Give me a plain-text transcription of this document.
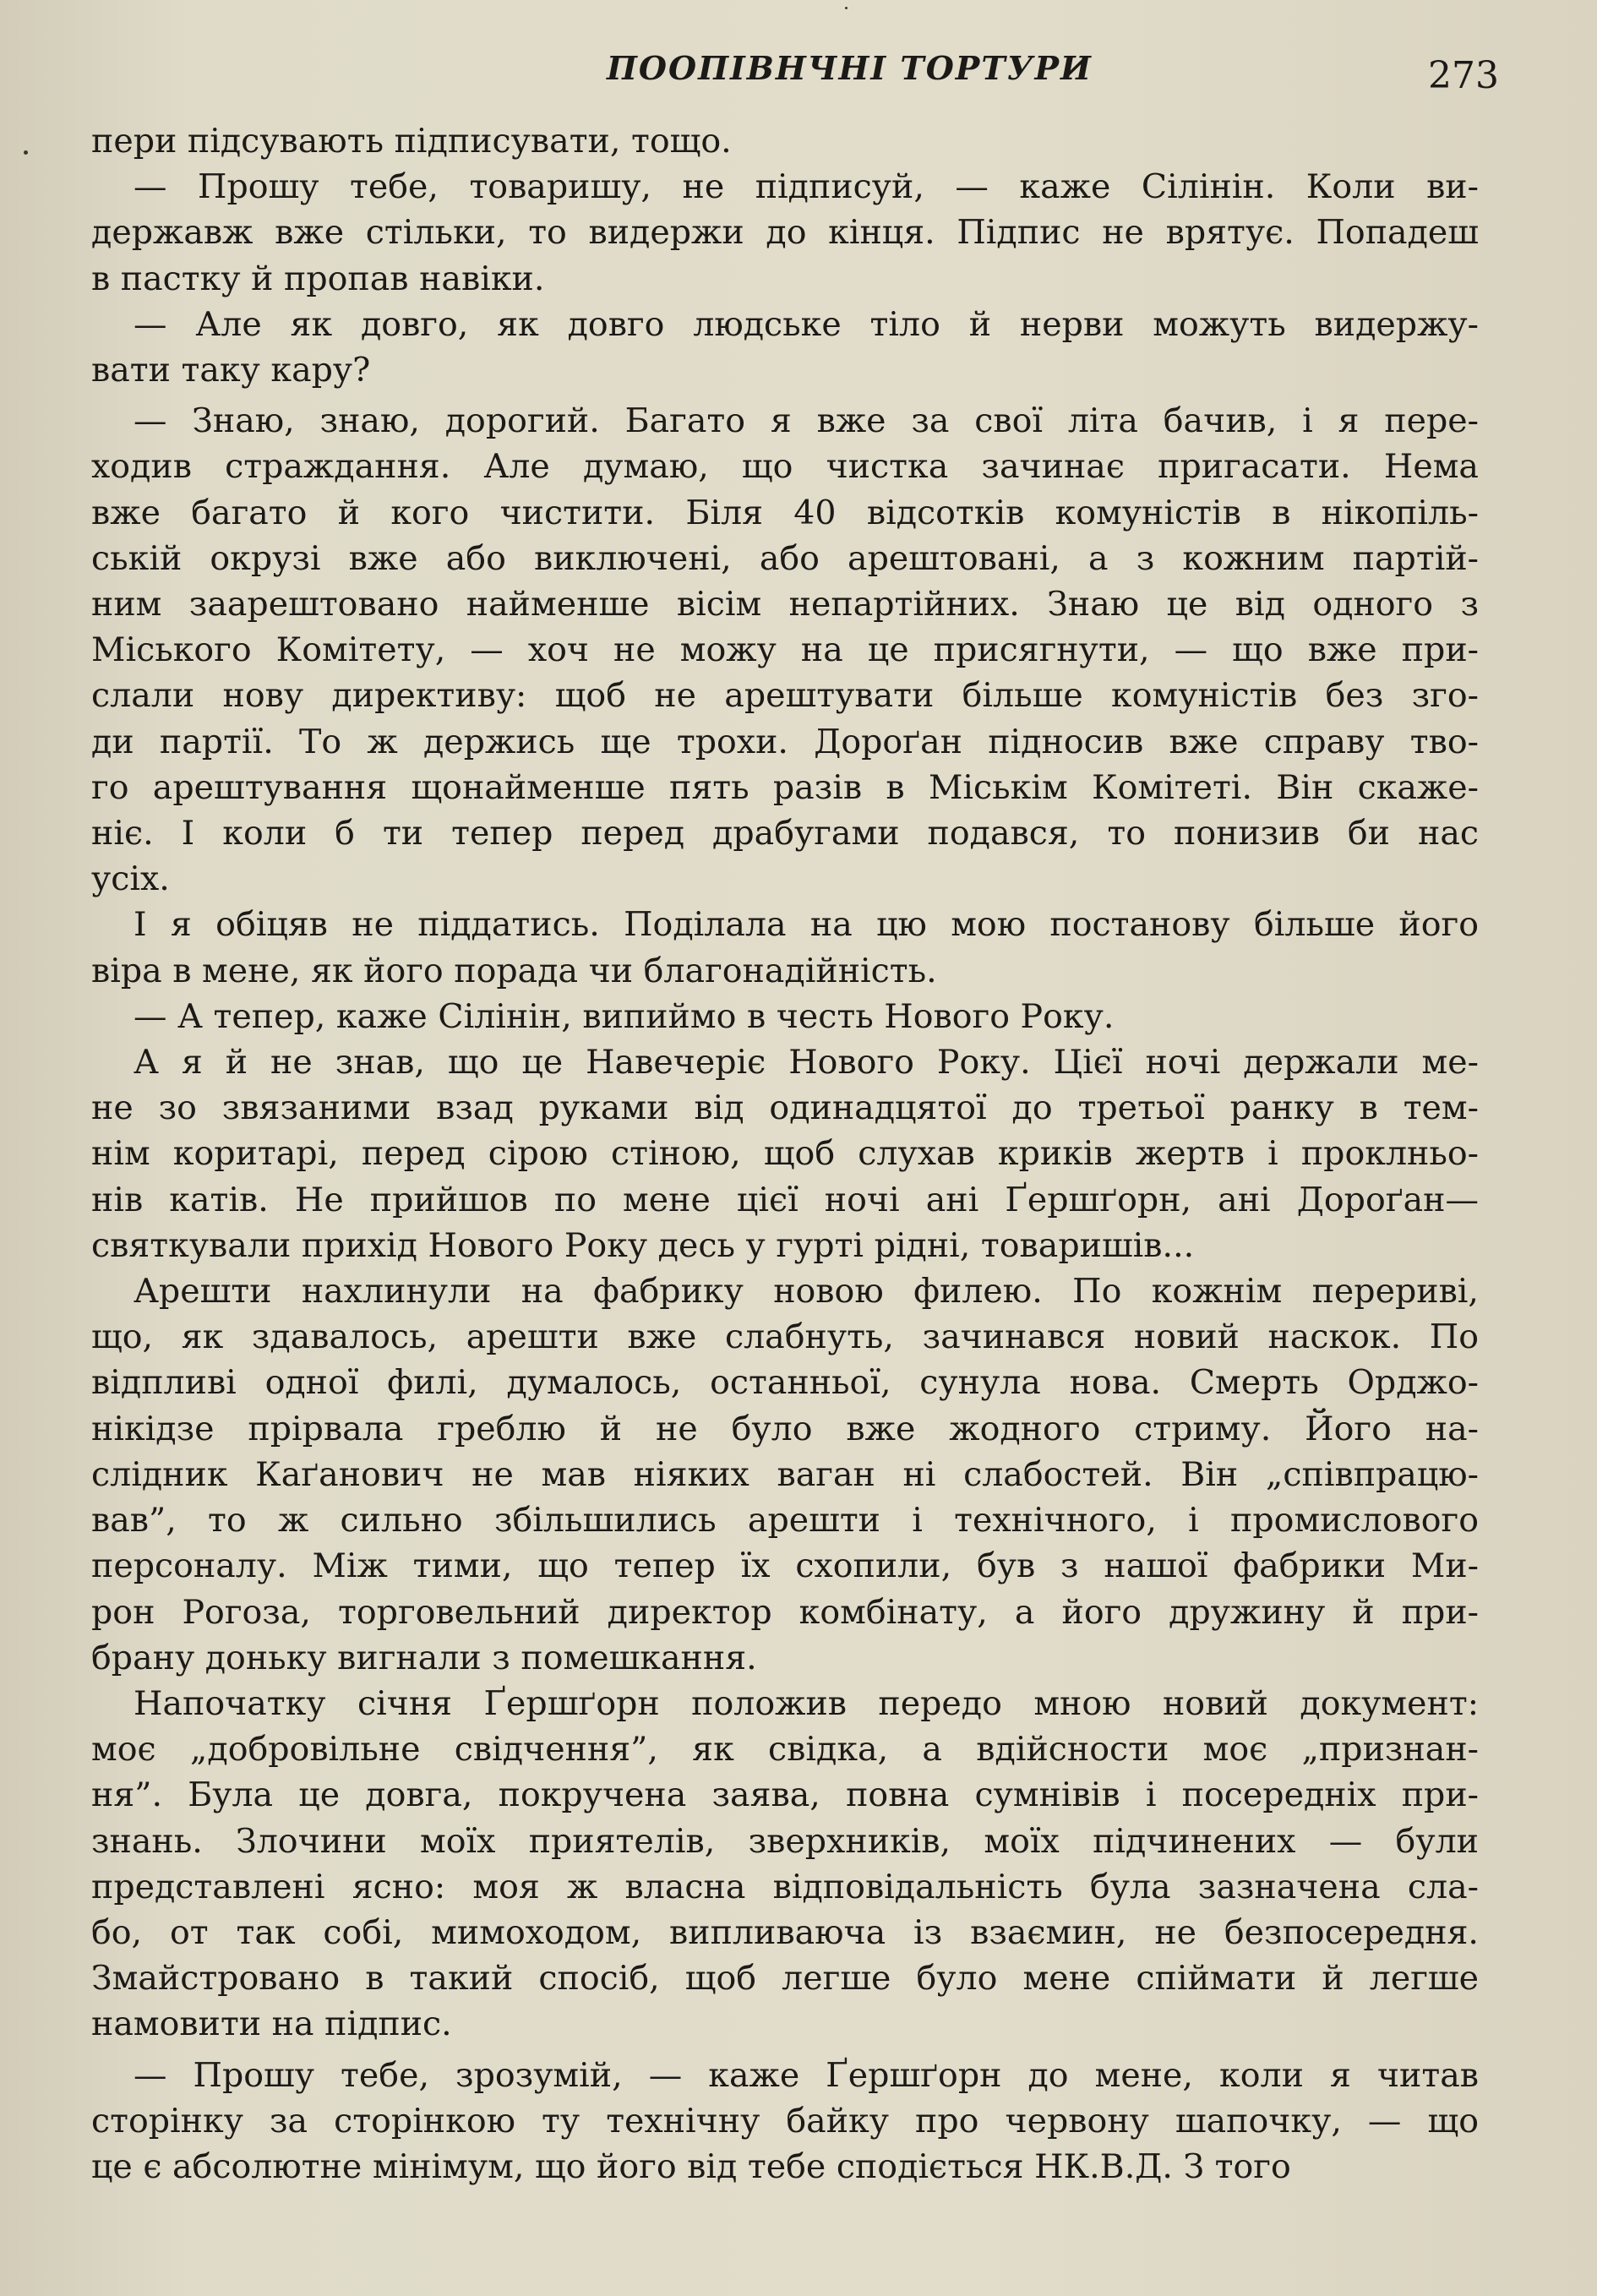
ПООПІВНЧНІ ТОРТУРИ	273
пери підсувають підписувати, тощо.
— Прошу тебе, товаришу, не підписуй, — каже Сілінін. Коли ви-
державж вже стільки, то видержи до кінця. Підпис не врятує. Попадеш
в пастку й пропав навіки.
— Але як довго, як довго людське тіло й нерви можуть видержу-
вати таку кару?
— Знаю, знаю, дорогий. Багато я вже за свої літа бачив, і я пере-
ходив страждання. Але думаю, що чистка зачинає пригасати. Нема
вже багато й кого чистити. Біля 40 відсотків комуністів в нікопіль-
ській окрузі вже або виключені, або арештовані, а з кожним партій-
ним заарештовано найменше вісім непартійних. Знаю це від одного з
Міського Комітету, — хоч не можу на це присягнути, — що вже при-
слали нову директиву: щоб не арештувати більше комуністів без зго-
ди партії. То ж держись ще трохи. Дороґан підносив вже справу тво-
го арештування щонайменше пять разів в Міськім Комітеті. Він скаже-
ніє. І коли б ти тепер перед драбугами подався, то понизив би нас
усіх.
І я обіцяв не піддатись. Поділала на цю мою постанову більше його
віра в мене, як його порада чи благонадійність.
— А тепер, каже Сілінін, випиймо в честь Нового Року.
А я й не знав, що це Навечеріє Нового Року. Цієї ночі держали ме-
не зо звязаними взад руками від одинадцятої до третьої ранку в тем-
нім коритарі, перед сірою стіною, щоб слухав криків жертв і проклньо-
нів катів. Не прийшов по мене цієї ночі ані Ґершґорн, ані Дороґан—
святкували прихід Нового Року десь у гурті рідні, товаришів...
Арешти нахлинули на фабрику новою филею. По кожнім перериві,
що, як здавалось, арешти вже слабнуть, зачинався новий наскок. По
відпливі одної филі, думалось, останньої, сунула нова. Смерть Орджо-
нікідзе прірвала греблю й не було вже жодного стриму. Його на-
слідник Каґанович не мав ніяких ваган ні слабостей. Він „співпрацю-
вав”, то ж сильно збільшились арешти і технічного, і промислового
персоналу. Між тими, що тепер їх схопили, був з нашої фабрики Ми-
рон Рогоза, торговельний директор комбінату, а його дружину й при-
брану доньку вигнали з помешкання.
Напочатку січня Ґершґорн положив передо мною новий документ:
моє „добровільне свідчення”, як свідка, а вдійсности моє „признан-
ня”. Була це довга, покручена заява, повна сумнівів і посередніх при-
знань. Злочини моїх приятелів, зверхників, моїх підчинених — були
представлені ясно: моя ж власна відповідальність була зазначена сла-
бо, от так собі, мимоходом, випливаюча із взаємин, не безпосередня.
Змайстровано в такий спосіб, щоб легше було мене спіймати й легше
намовити на підпис.
— Прошу тебе, зрозумій, — каже Ґершґорн до мене, коли я читав
сторінку за сторінкою ту технічну байку про червону шапочку, — що
це є абсолютне мінімум, що його від тебе сподіється НК.В.Д. З того
